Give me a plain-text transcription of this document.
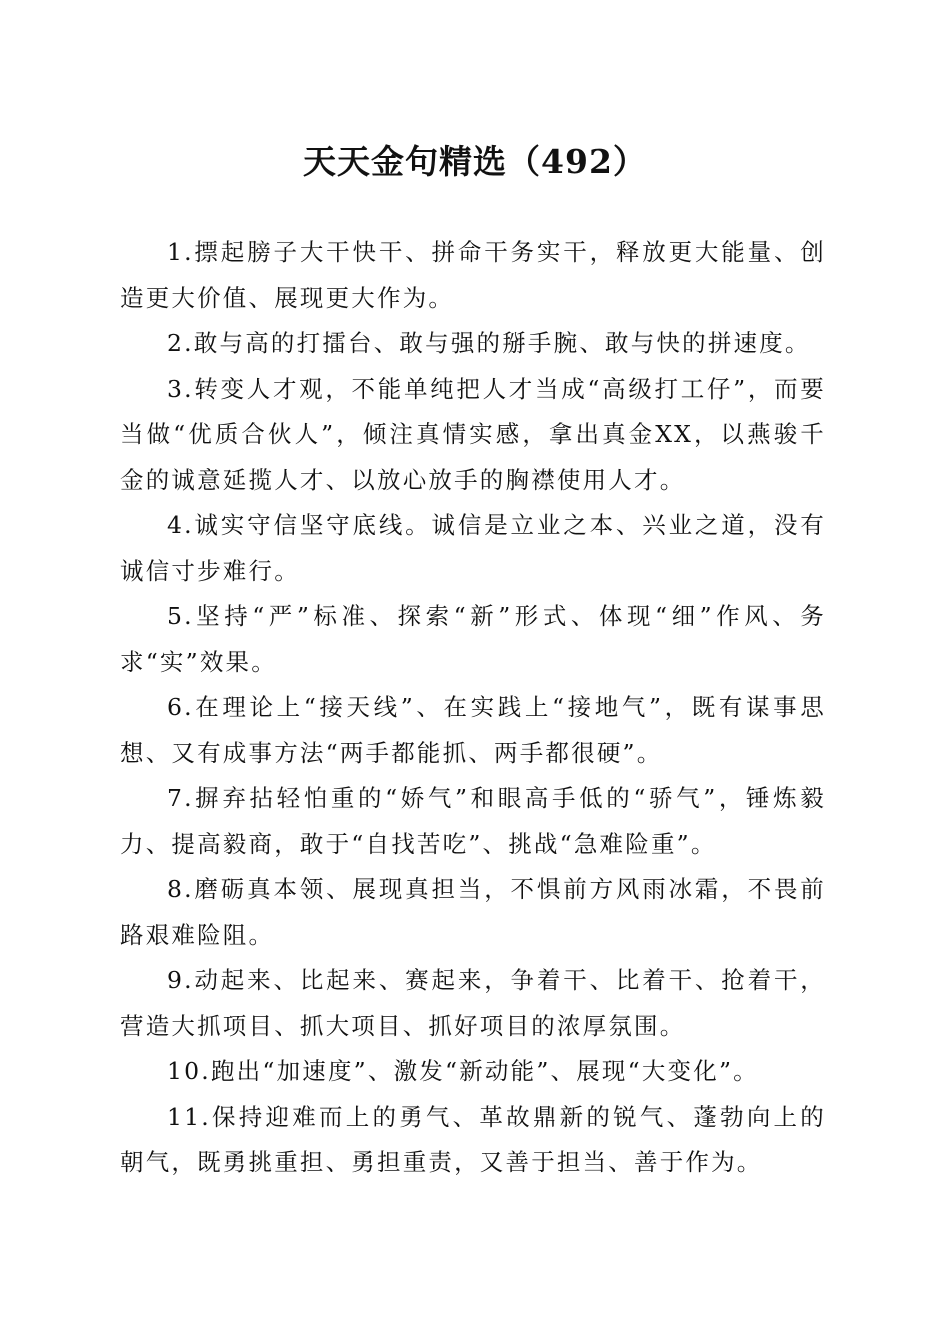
天天金句精选（492）

1.摽起膀子大干快干、拼命干务实干，释放更大能量、创造更大价值、展现更大作为。

2.敢与高的打擂台、敢与强的掰手腕、敢与快的拼速度。

3.转变人才观，不能单纯把人才当成“高级打工仔”，而要当做“优质合伙人”，倾注真情实感，拿出真金XX，以燕骏千金的诚意延揽人才、以放心放手的胸襟使用人才。

4.诚实守信坚守底线。诚信是立业之本、兴业之道，没有诚信寸步难行。

5.坚持“严”标准、探索“新”形式、体现“细”作风、务求“实”效果。

6.在理论上“接天线”、在实践上“接地气”，既有谋事思想、又有成事方法“两手都能抓、两手都很硬”。

7.摒弃拈轻怕重的“娇气”和眼高手低的“骄气”，锤炼毅力、提高毅商，敢于“自找苦吃”、挑战“急难险重”。

8.磨砺真本领、展现真担当，不惧前方风雨冰霜，不畏前路艰难险阻。

9.动起来、比起来、赛起来，争着干、比着干、抢着干，营造大抓项目、抓大项目、抓好项目的浓厚氛围。

10.跑出“加速度”、激发“新动能”、展现“大变化”。

11.保持迎难而上的勇气、革故鼎新的锐气、蓬勃向上的朝气，既勇挑重担、勇担重责，又善于担当、善于作为。
